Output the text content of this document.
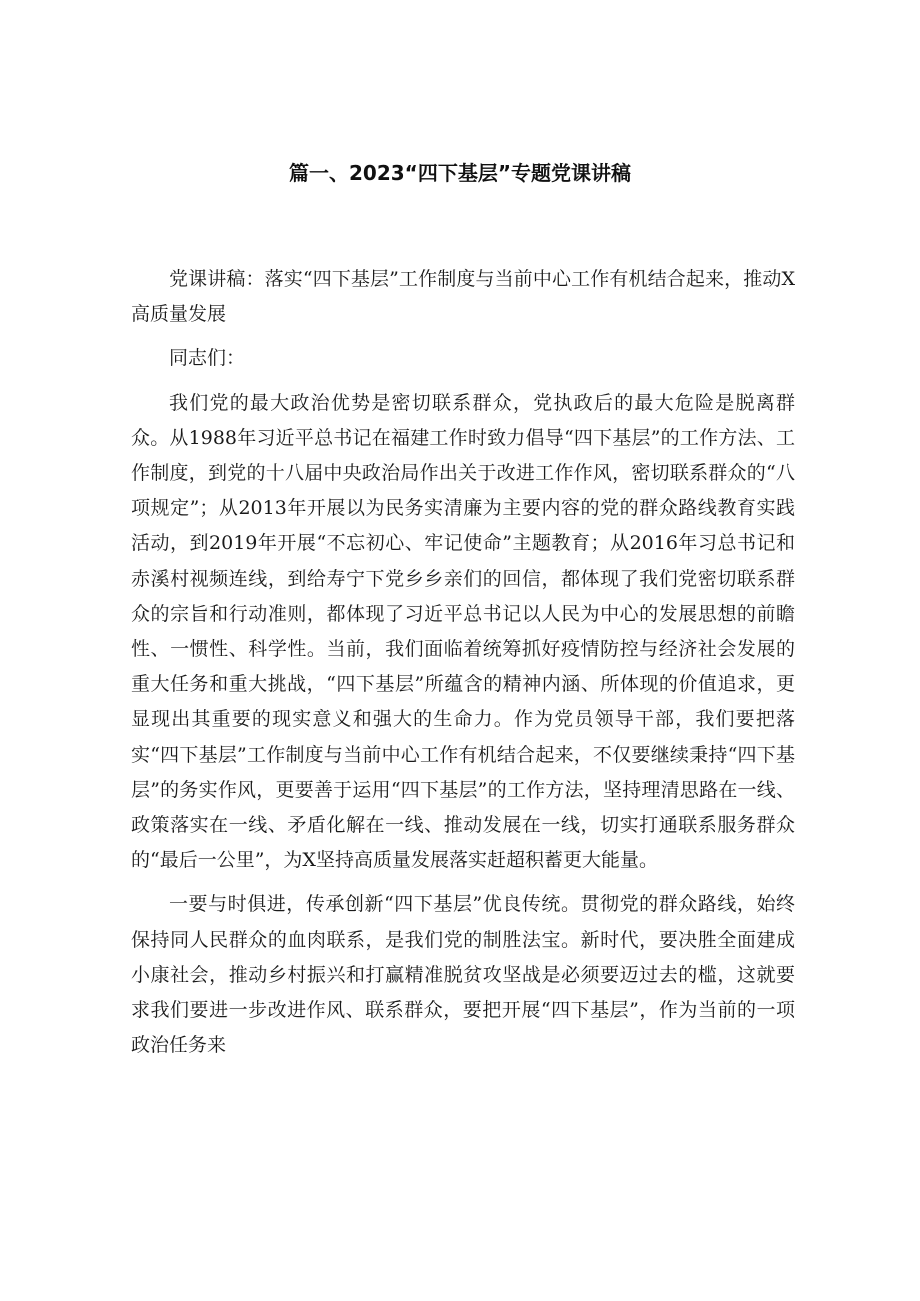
篇一、2023“四下基层”专题党课讲稿

党课讲稿：落实“四下基层”工作制度与当前中心工作有机结合起来，推动X高质量发展

同志们：

我们党的最大政治优势是密切联系群众，党执政后的最大危险是脱离群众。从1988年习近平总书记在福建工作时致力倡导“四下基层”的工作方法、工作制度，到党的十八届中央政治局作出关于改进工作作风，密切联系群众的“八项规定”；从2013年开展以为民务实清廉为主要内容的党的群众路线教育实践活动，到2019年开展“不忘初心、牢记使命”主题教育；从2016年习总书记和赤溪村视频连线，到给寿宁下党乡乡亲们的回信，都体现了我们党密切联系群众的宗旨和行动准则，都体现了习近平总书记以人民为中心的发展思想的前瞻性、一惯性、科学性。当前，我们面临着统筹抓好疫情防控与经济社会发展的重大任务和重大挑战，“四下基层”所蕴含的精神内涵、所体现的价值追求，更显现出其重要的现实意义和强大的生命力。作为党员领导干部，我们要把落实“四下基层”工作制度与当前中心工作有机结合起来，不仅要继续秉持“四下基层”的务实作风，更要善于运用“四下基层”的工作方法，坚持理清思路在一线、政策落实在一线、矛盾化解在一线、推动发展在一线，切实打通联系服务群众的“最后一公里”，为X坚持高质量发展落实赶超积蓄更大能量。

一要与时俱进，传承创新“四下基层”优良传统。贯彻党的群众路线，始终保持同人民群众的血肉联系，是我们党的制胜法宝。新时代，要决胜全面建成小康社会，推动乡村振兴和打赢精准脱贫攻坚战是必须要迈过去的槛，这就要求我们要进一步改进作风、联系群众，要把开展“四下基层”，作为当前的一项政治任务来
